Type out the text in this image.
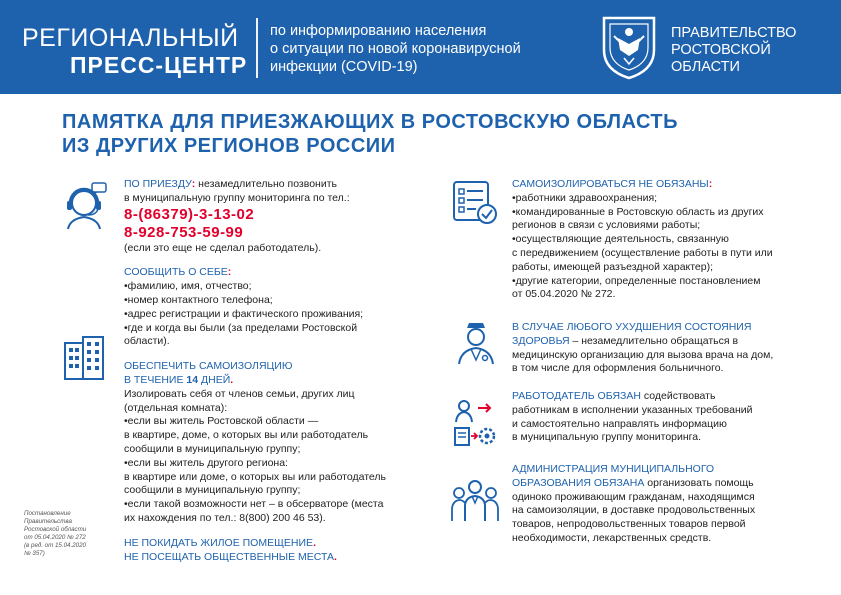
РЕГИОНАЛЬНЫЙ
ПРЕСС-ЦЕНТР
по информированию населения
о ситуации по новой коронавирусной
инфекции (COVID-19)
ПРАВИТЕЛЬСТВО
РОСТОВСКОЙ
ОБЛАСТИ
ПАМЯТКА ДЛЯ ПРИЕЗЖАЮЩИХ В РОСТОВСКУЮ ОБЛАСТЬ
ИЗ ДРУГИХ РЕГИОНОВ РОССИИ
ПО ПРИЕЗДУ: незамедлительно позвонить
в муниципальную группу мониторинга по тел.:
8-(86379)-3-13-02
8-928-753-59-99
(если это еще не сделал работодатель).
СООБЩИТЬ О СЕБЕ:
•фамилию, имя, отчество;
•номер контактного телефона;
•адрес регистрации и фактического проживания;
•где и когда вы были (за пределами Ростовской
области).
ОБЕСПЕЧИТЬ САМОИЗОЛЯЦИЮ
В ТЕЧЕНИЕ 14 ДНЕЙ.
Изолировать себя от членов семьи, других лиц
(отдельная комната):
•если вы житель Ростовской области —
в квартире, доме, о которых вы или работодатель
сообщили в муниципальную группу;
•если вы житель другого региона:
в квартире или доме, о которых вы или работодатель
сообщили в муниципальную группу;
•если такой возможности нет – в обсерваторе (места
их нахождения по тел.: 8(800) 200 46 53).
НЕ ПОКИДАТЬ ЖИЛОЕ ПОМЕЩЕНИЕ.
НЕ ПОСЕЩАТЬ ОБЩЕСТВЕННЫЕ МЕСТА.
Постановление
Правительства
Ростовской области
от 05.04.2020 № 272
(в ред. от 15.04.2020
№ 357)
САМОИЗОЛИРОВАТЬСЯ НЕ ОБЯЗАНЫ:
•работники здравоохранения;
•командированные в Ростовскую область из других
регионов в связи с условиями работы;
•осуществляющие деятельность, связанную
с передвижением (осуществление работы в пути или
работы, имеющей разъездной характер);
•другие категории, определенные постановлением
от 05.04.2020 № 272.
В СЛУЧАЕ ЛЮБОГО УХУДШЕНИЯ СОСТОЯНИЯ
ЗДОРОВЬЯ – незамедлительно обращаться в
медицинскую организацию для вызова врача на дом,
в том числе для оформления больничного.
РАБОТОДАТЕЛЬ ОБЯЗАН содействовать
работникам в исполнении указанных требований
и самостоятельно направлять информацию
в муниципальную группу мониторинга.
АДМИНИСТРАЦИЯ МУНИЦИПАЛЬНОГО
ОБРАЗОВАНИЯ ОБЯЗАНА организовать помощь
одиноко проживающим гражданам, находящимся
на самоизоляции, в доставке продовольственных
товаров, непродовольственных товаров первой
необходимости, лекарственных средств.
